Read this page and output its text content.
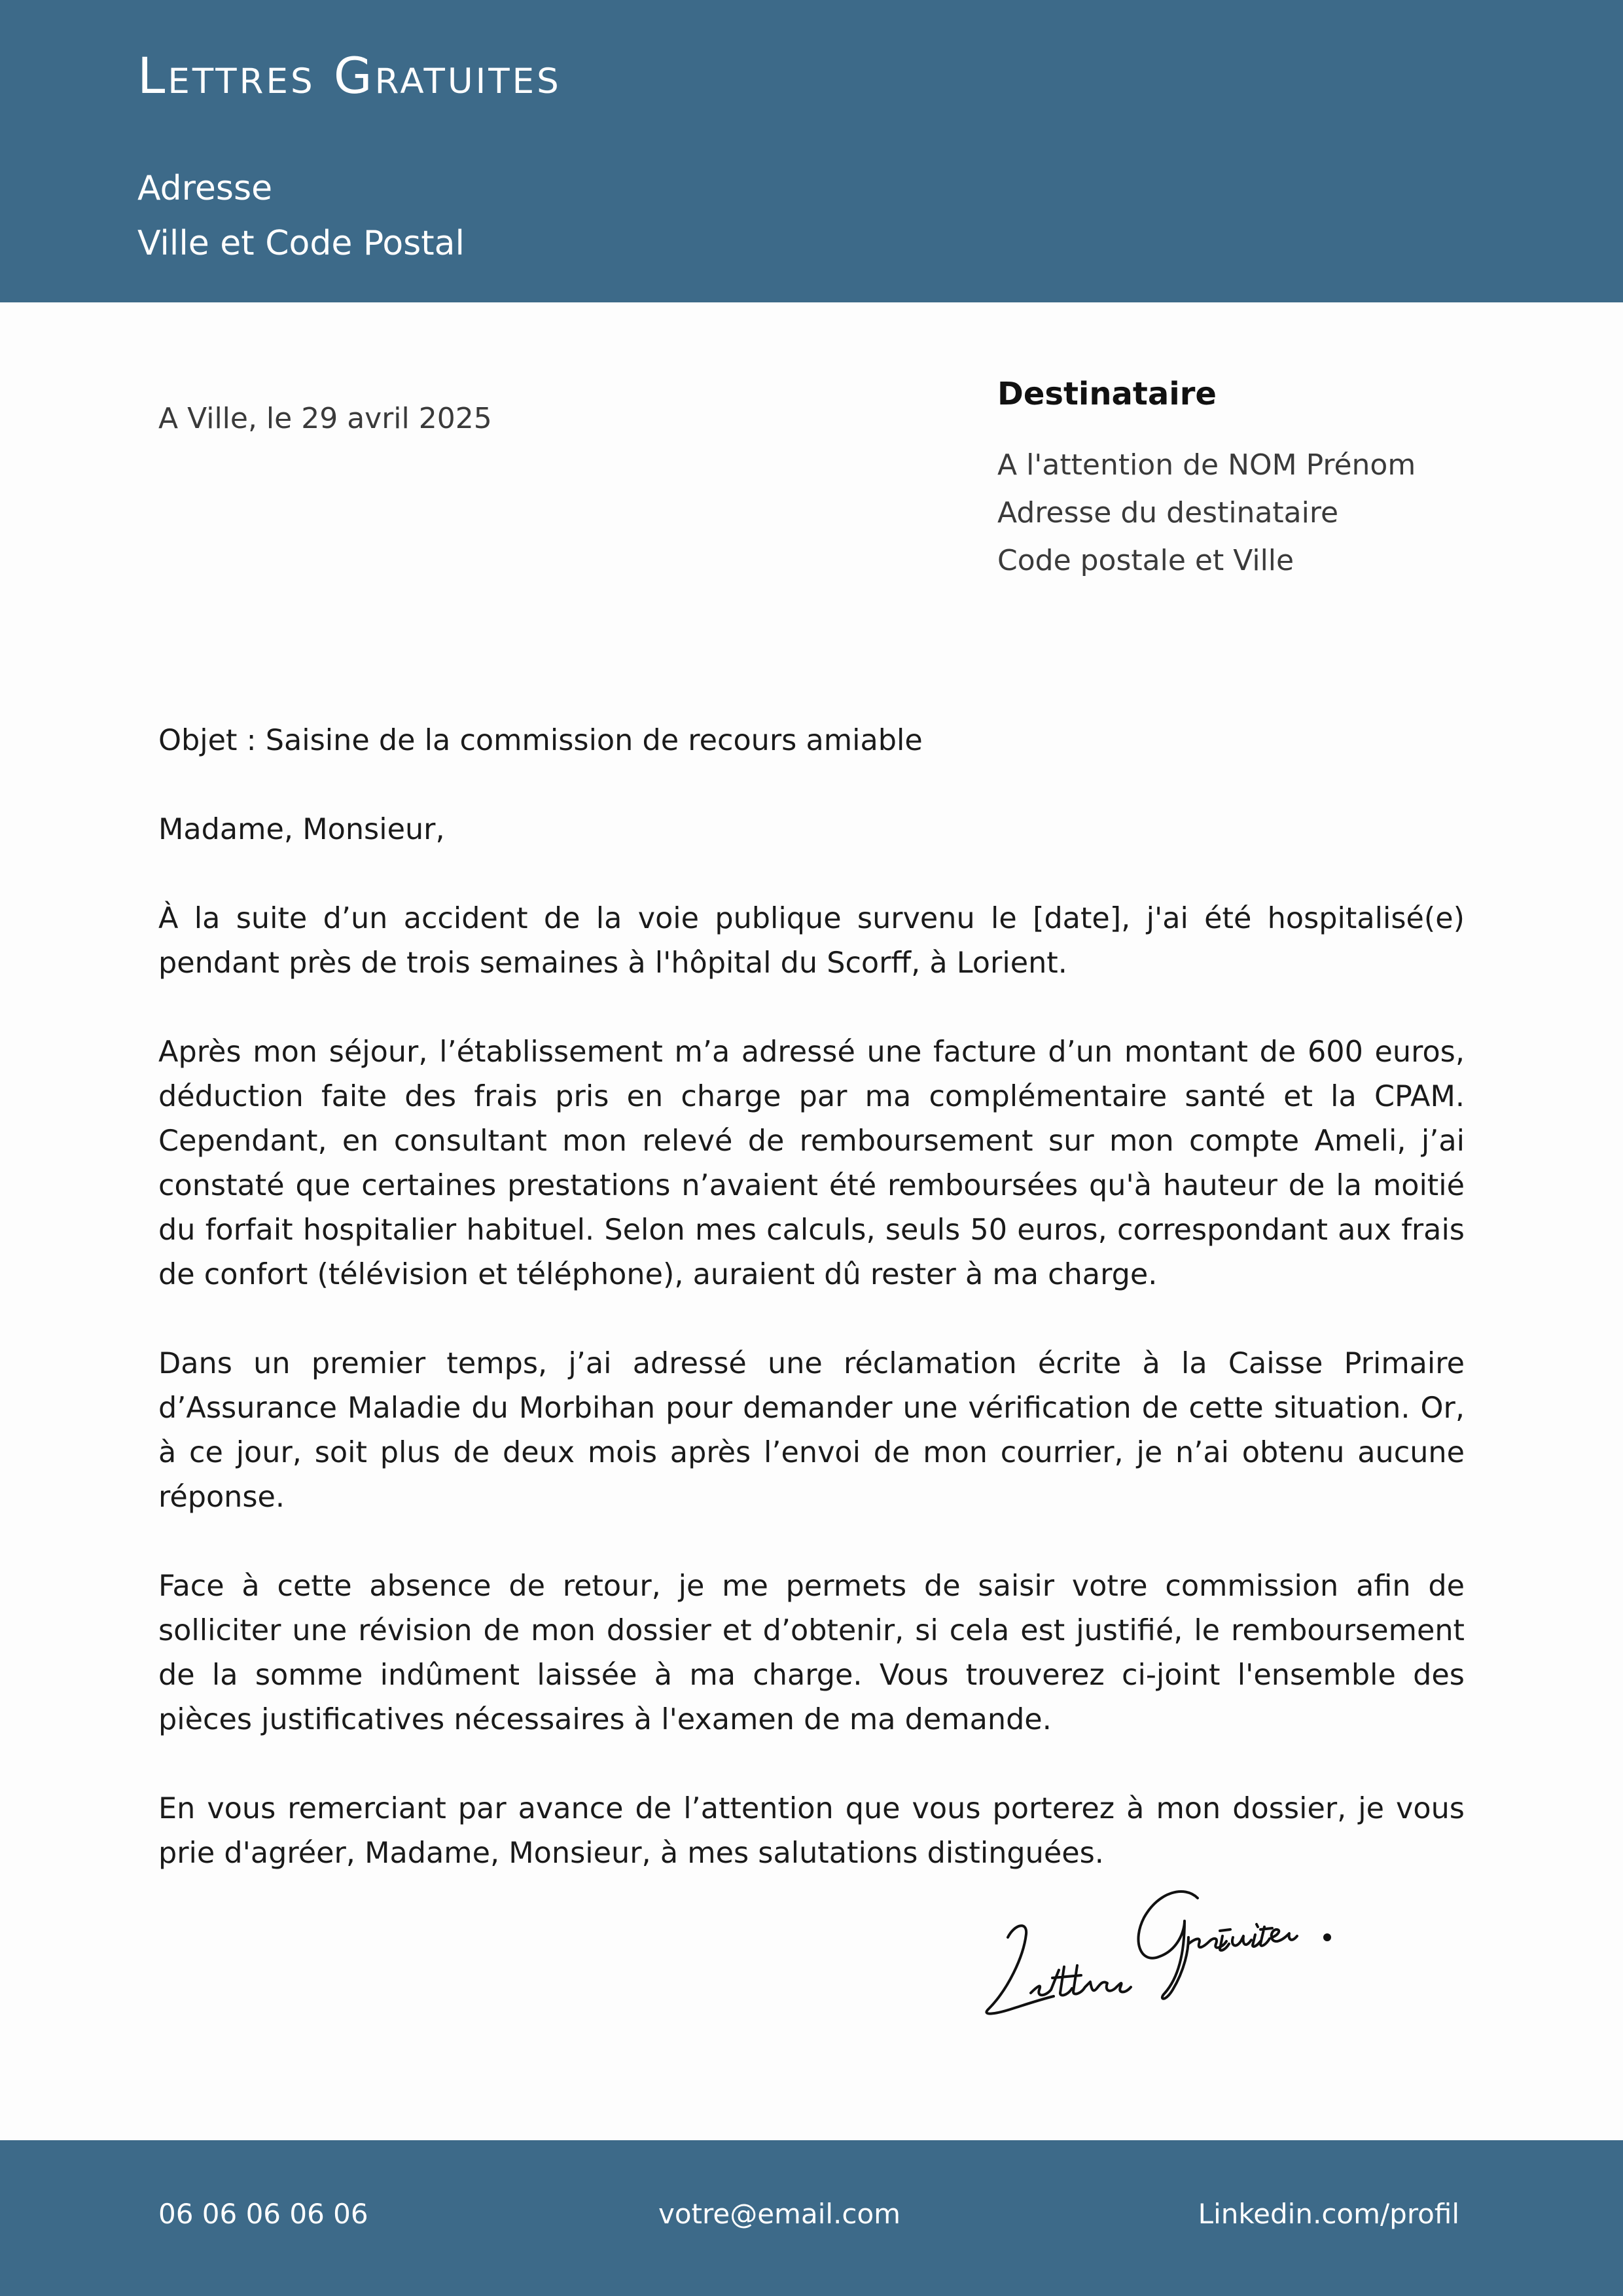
Lettres Gratuites
Adresse
Ville et Code Postal
A Ville, le 29 avril 2025
Destinataire
A l'attention de NOM Prénom
Adresse du destinataire
Code postale et Ville

Objet : Saisine de la commission de recours amiable

Madame, Monsieur,

À la suite d’un accident de la voie publique survenu le [date], j'ai été hospitalisé(e) pendant près de trois semaines à l'hôpital du Scorff, à Lorient.

Après mon séjour, l’établissement m’a adressé une facture d’un montant de 600 euros, déduction faite des frais pris en charge par ma complémentaire santé et la CPAM. Cependant, en consultant mon relevé de remboursement sur mon compte Ameli, j’ai constaté que certaines prestations n’avaient été remboursées qu'à hauteur de la moitié du forfait hospitalier habituel. Selon mes calculs, seuls 50 euros, correspondant aux frais de confort (télévision et téléphone), auraient dû rester à ma charge.

Dans un premier temps, j’ai adressé une réclamation écrite à la Caisse Primaire d’Assurance Maladie du Morbihan pour demander une vérification de cette situation. Or, à ce jour, soit plus de deux mois après l’envoi de mon courrier, je n’ai obtenu aucune réponse.

Face à cette absence de retour, je me permets de saisir votre commission afin de solliciter une révision de mon dossier et d’obtenir, si cela est justifié, le remboursement de la somme indûment laissée à ma charge. Vous trouverez ci-joint l'ensemble des pièces justificatives nécessaires à l'examen de ma demande.

En vous remerciant par avance de l’attention que vous porterez à mon dossier, je vous prie d'agréer, Madame, Monsieur, à mes salutations distinguées.

06 06 06 06 06	votre@email.com	Linkedin.com/profil
